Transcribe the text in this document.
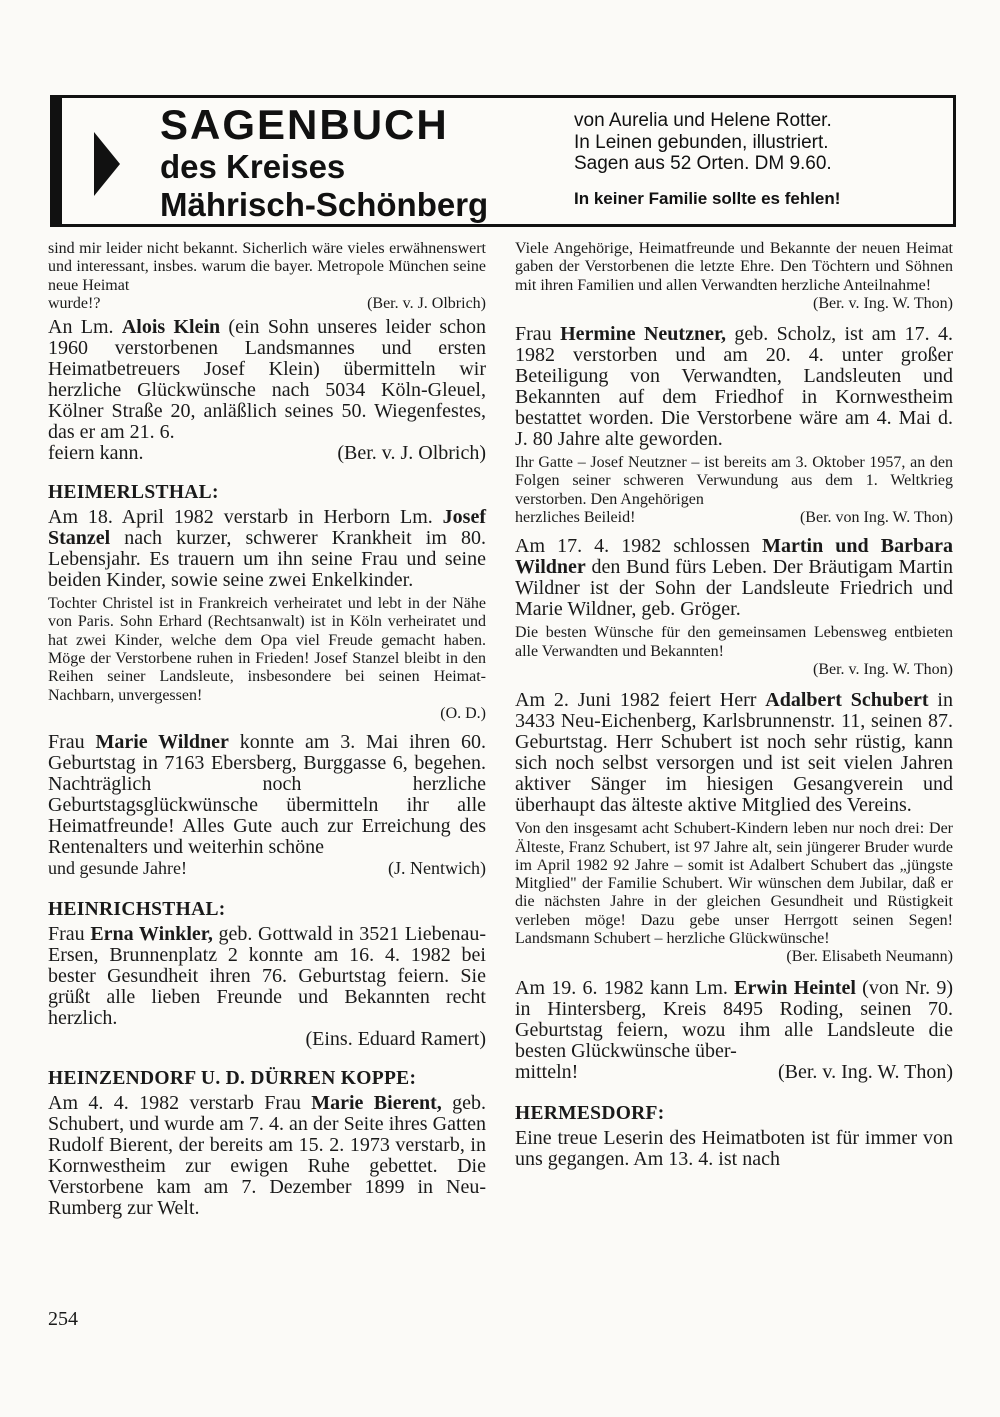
SAGENBUCH
des Kreises
Mährisch-Schönberg
von Aurelia und Helene Rotter.
In Leinen gebunden, illustriert.
Sagen aus 52 Orten. DM 9.60.
In keiner Familie sollte es fehlen!

sind mir leider nicht bekannt. Sicherlich wäre vieles erwähnenswert und interessant, insbes. warum die bayer. Metropole München seine neue Heimat

wurde!?	(Ber. v. J. Olbrich)

An Lm. Alois Klein (ein Sohn unseres leider schon 1960 verstorbenen Landsmannes und ersten Heimatbetreuers Josef Klein) übermitteln wir herzliche Glückwünsche nach 5034 Köln-Gleuel, Kölner Straße 20, anläßlich seines 50. Wiegenfestes, das er am 21. 6.

feiern kann.	(Ber. v. J. Olbrich)
HEIMERLSTHAL:

Am 18. April 1982 verstarb in Herborn Lm. Josef Stanzel nach kurzer, schwerer Krankheit im 80. Lebensjahr. Es trauern um ihn seine Frau und seine beiden Kinder, sowie seine zwei Enkelkinder.

Tochter Christel ist in Frankreich verheiratet und lebt in der Nähe von Paris. Sohn Erhard (Rechtsanwalt) ist in Köln verheiratet und hat zwei Kinder, welche dem Opa viel Freude gemacht haben. Möge der Verstorbene ruhen in Frieden! Josef Stanzel bleibt in den Reihen seiner Landsleute, insbesondere bei seinen Heimat-Nachbarn, unvergessen!

(O. D.)

Frau Marie Wildner konnte am 3. Mai ihren 60. Geburtstag in 7163 Ebersberg, Burggasse 6, begehen. Nachträglich noch herzliche Geburtstagsglückwünsche übermitteln ihr alle Heimatfreunde! Alles Gute auch zur Erreichung des Rentenalters und weiterhin schöne

und gesunde Jahre!	(J. Nentwich)
HEINRICHSTHAL:

Frau Erna Winkler, geb. Gottwald in 3521 Liebenau-Ersen, Brunnenplatz 2 konnte am 16. 4. 1982 bei bester Gesundheit ihren 76. Geburtstag feiern. Sie grüßt alle lieben Freunde und Bekannten recht herzlich.

(Eins. Eduard Ramert)
HEINZENDORF U. D. DÜRREN KOPPE:

Am 4. 4. 1982 verstarb Frau Marie Bierent, geb. Schubert, und wurde am 7. 4. an der Seite ihres Gatten Rudolf Bierent, der bereits am 15. 2. 1973 verstarb, in Kornwestheim zur ewigen Ruhe gebettet. Die Verstorbene kam am 7. Dezember 1899 in Neu-Rumberg zur Welt.

Viele Angehörige, Heimatfreunde und Bekannte der neuen Heimat gaben der Verstorbenen die letzte Ehre. Den Töchtern und Söhnen mit ihren Familien und allen Verwandten herzliche Anteilnahme!

(Ber. v. Ing. W. Thon)

Frau Hermine Neutzner, geb. Scholz, ist am 17. 4. 1982 verstorben und am 20. 4. unter großer Beteiligung von Verwandten, Landsleuten und Bekannten auf dem Friedhof in Kornwestheim bestattet worden. Die Verstorbene wäre am 4. Mai d. J. 80 Jahre alte geworden.

Ihr Gatte – Josef Neutzner – ist bereits am 3. Oktober 1957, an den Folgen seiner schweren Verwundung aus dem 1. Weltkrieg verstorben. Den Angehörigen

herzliches Beileid!	(Ber. von Ing. W. Thon)

Am 17. 4. 1982 schlossen Martin und Barbara Wildner den Bund fürs Leben. Der Bräutigam Martin Wildner ist der Sohn der Landsleute Friedrich und Marie Wildner, geb. Gröger.

Die besten Wünsche für den gemeinsamen Lebensweg entbieten alle Verwandten und Bekannten!

(Ber. v. Ing. W. Thon)

Am 2. Juni 1982 feiert Herr Adalbert Schubert in 3433 Neu-Eichenberg, Karlsbrunnenstr. 11, seinen 87. Geburtstag. Herr Schubert ist noch sehr rüstig, kann sich noch selbst versorgen und ist seit vielen Jahren aktiver Sänger im hiesigen Gesangverein und überhaupt das älteste aktive Mitglied des Vereins.

Von den insgesamt acht Schubert-Kindern leben nur noch drei: Der Älteste, Franz Schubert, ist 97 Jahre alt, sein jüngerer Bruder wurde im April 1982 92 Jahre – somit ist Adalbert Schubert das „jüngste Mitglied" der Familie Schubert. Wir wünschen dem Jubilar, daß er die nächsten Jahre in der gleichen Gesundheit und Rüstigkeit verleben möge! Dazu gebe unser Herrgott seinen Segen! Landsmann Schubert – herzliche Glückwünsche!

(Ber. Elisabeth Neumann)

Am 19. 6. 1982 kann Lm. Erwin Heintel (von Nr. 9) in Hintersberg, Kreis 8495 Roding, seinen 70. Geburtstag feiern, wozu ihm alle Landsleute die besten Glückwünsche über-

mitteln!	(Ber. v. Ing. W. Thon)
HERMESDORF:

Eine treue Leserin des Heimatboten ist für immer von uns gegangen. Am 13. 4. ist nach

254
